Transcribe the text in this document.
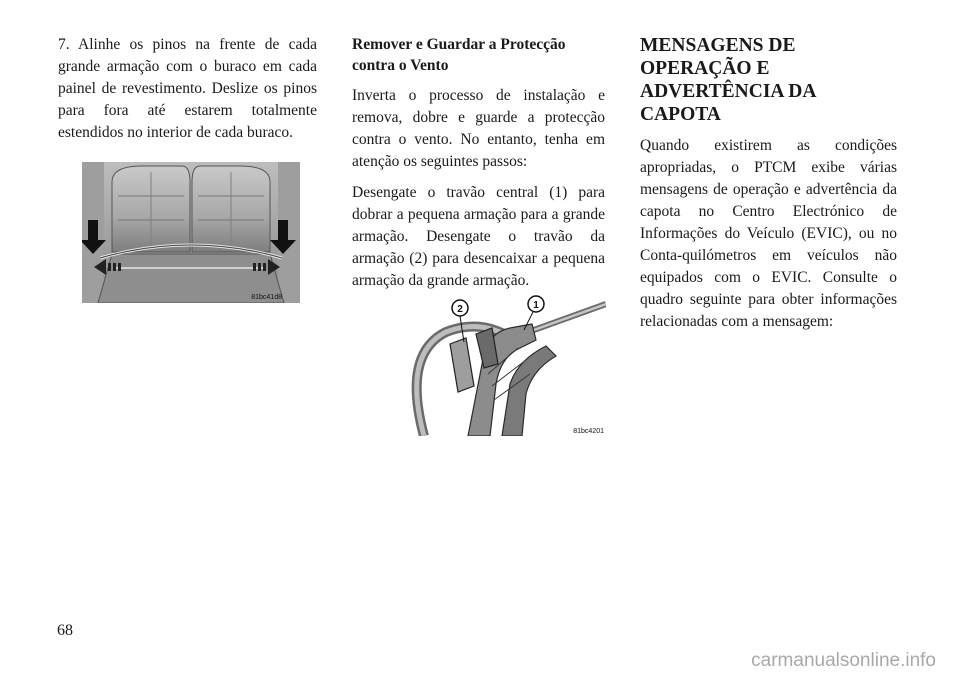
7. Alinhe os pinos na frente de cada grande armação com o buraco em cada painel de revestimento. Deslize os pinos para fora até estarem totalmente estendidos no interior de cada buraco.

81bc41d8

Remover e Guardar a Protecção contra o Vento

Inverta o processo de instalação e remova, dobre e guarde a protecção contra o vento. No entanto, tenha em atenção os seguintes passos:

Desengate o travão central (1) para dobrar a pequena armação para a grande armação. Desengate o travão da armação (2) para desencaixar a pequena armação da grande armação.

2	1
81bc4201

MENSAGENS DE OPERAÇÃO E ADVERTÊNCIA DA CAPOTA

Quando existirem as condições apropriadas, o PTCM exibe várias mensagens de operação e advertência da capota no Centro Electrónico de Informações do Veículo (EVIC), ou no Conta-quilómetros em veículos não equipados com o EVIC. Consulte o quadro seguinte para obter informações relacionadas com a mensagem:

68
carmanualsonline.info
